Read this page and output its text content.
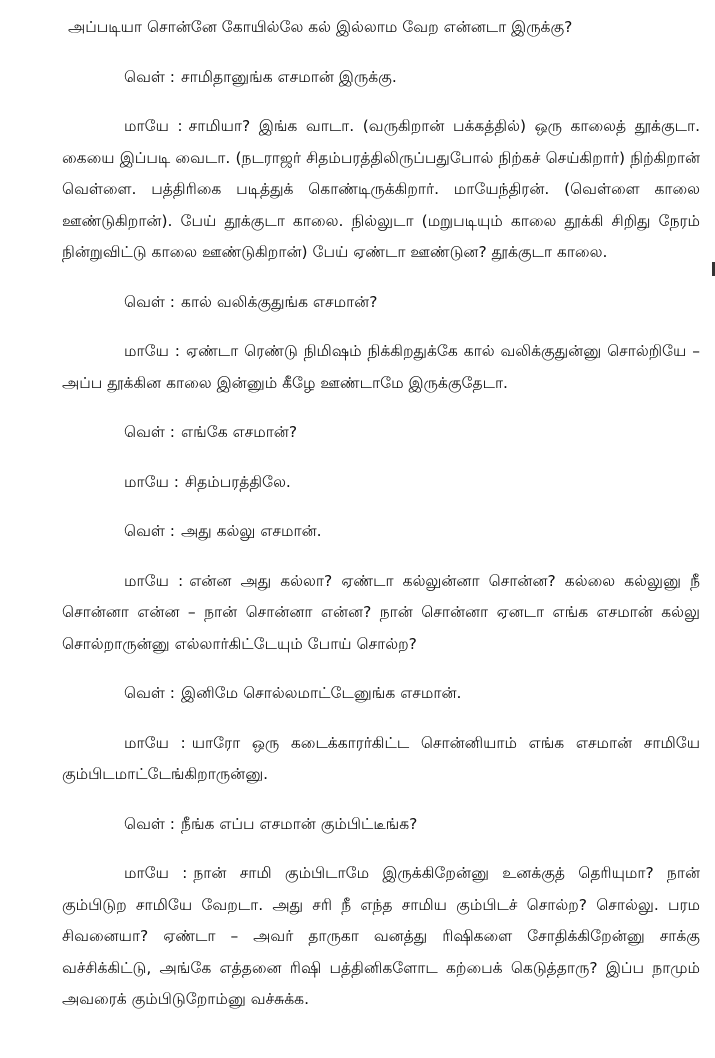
அப்படியா சொன்னே கோயில்லே கல் இல்லாம வேற என்னடா இருக்கு?

வெள் : சாமிதானுங்க எசமான் இருக்கு.

மாயே : சாமியா? இங்க வாடா. (வருகிறான் பக்கத்தில்) ஒரு காலைத் தூக்குடா. கையை இப்படி வைடா. (நடராஜர் சிதம்பரத்திலிருப்பதுபோல் நிற்கச் செய்கிறார்) நிற்கிறான் வெள்ளை. பத்திரிகை படித்துக் கொண்டிருக்கிறார். மாயேந்திரன். (வெள்ளை காலை ஊண்டுகிறான்). பேய் தூக்குடா காலை. நில்லுடா (மறுபடியும் காலை தூக்கி சிறிது நேரம் நின்றுவிட்டு காலை ஊண்டுகிறான்) பேய் ஏண்டா ஊண்டுன? தூக்குடா காலை.

வெள் : கால் வலிக்குதுங்க எசமான்?

மாயே : ஏண்டா ரெண்டு நிமிஷம் நிக்கிறதுக்கே கால் வலிக்குதுன்னு சொல்றியே – அப்ப தூக்கின காலை இன்னும் கீழே ஊண்டாமே இருக்குதேடா.

வெள் : எங்கே எசமான்?

மாயே : சிதம்பரத்திலே.

வெள் : அது கல்லு எசமான்.

மாயே : என்ன அது கல்லா? ஏண்டா கல்லுன்னா சொன்ன? கல்லை கல்லுனு நீ சொன்னா என்ன – நான் சொன்னா என்ன? நான் சொன்னா ஏனடா எங்க எசமான் கல்லு சொல்றாருன்னு எல்லார்கிட்டேயும் போய் சொல்ற?

வெள் : இனிமே சொல்லமாட்டேனுங்க எசமான்.

மாயே : யாரோ ஒரு கடைக்காரர்கிட்ட சொன்னியாம் எங்க எசமான் சாமியே கும்பிடமாட்டேங்கிறாருன்னு.

வெள் : நீங்க எப்ப எசமான் கும்பிட்டீங்க?

மாயே : நான் சாமி கும்பிடாமே இருக்கிறேன்னு உனக்குத் தெரியுமா? நான் கும்பிடுற சாமியே வேறடா. அது சரி நீ எந்த சாமிய கும்பிடச் சொல்ற? சொல்லு. பரம சிவனையா? ஏண்டா – அவர் தாருகா வனத்து ரிஷிகளை சோதிக்கிறேன்னு சாக்கு வச்சிக்கிட்டு, அங்கே எத்தனை ரிஷி பத்தினிகளோட கற்பைக் கெடுத்தாரு? இப்ப நாமும் அவரைக் கும்பிடுறோம்னு வச்சுக்க.
